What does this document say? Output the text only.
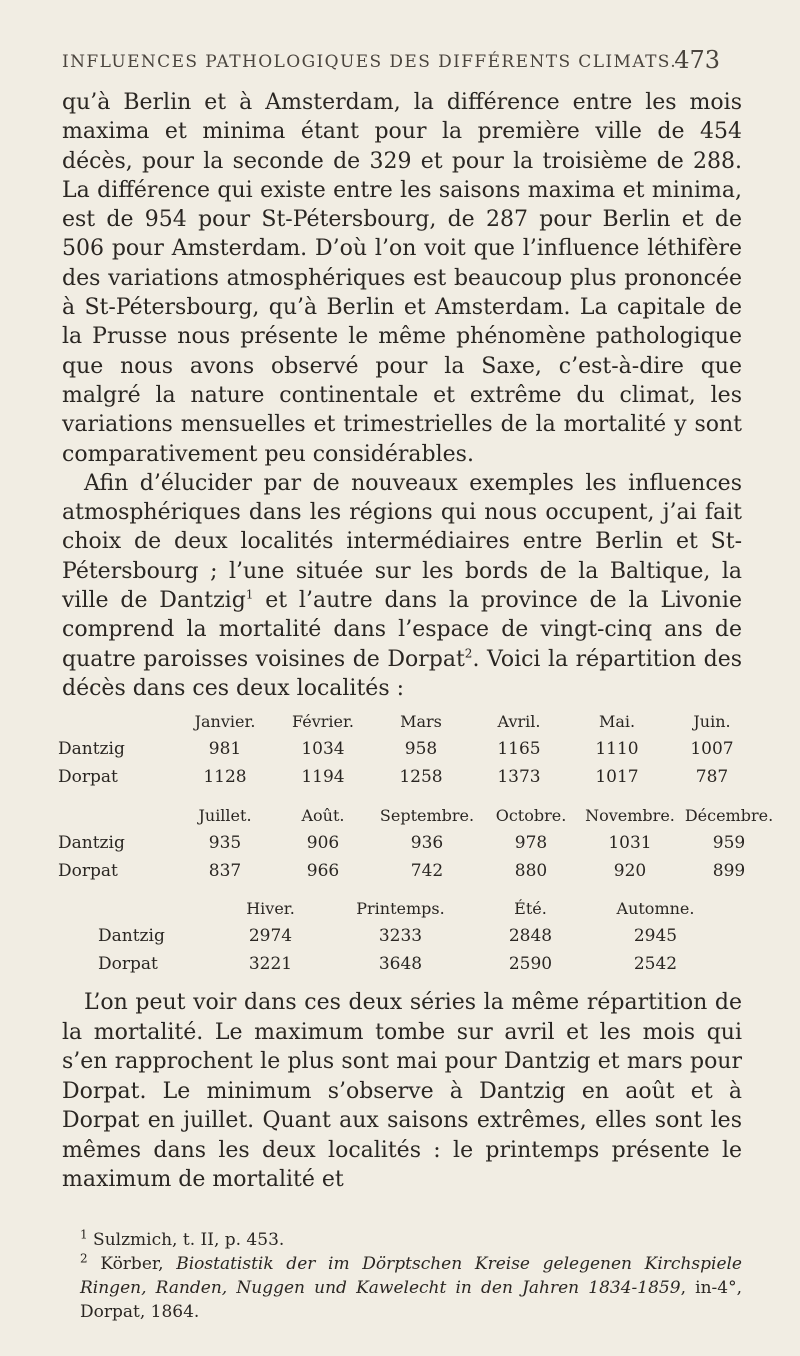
INFLUENCES PATHOLOGIQUES DES DIFFÉRENTS CLIMATS.
473

qu’à Berlin et à Amsterdam, la différence entre les mois maxima et minima étant pour la première ville de 454 décès, pour la seconde de 329 et pour la troisième de 288. La différence qui existe entre les saisons maxima et minima, est de 954 pour St-Pétersbourg, de 287 pour Berlin et de 506 pour Amsterdam. D’où l’on voit que l’influence léthifère des variations atmosphériques est beaucoup plus prononcée à St-Pétersbourg, qu’à Berlin et Amsterdam. La capitale de la Prusse nous présente le même phénomène pathologique que nous avons observé pour la Saxe, c’est-à-dire que malgré la nature continentale et extrême du climat, les variations mensuelles et trimestrielles de la mortalité y sont comparativement peu considérables.

Afin d’élucider par de nouveaux exemples les influences atmosphériques dans les régions qui nous occupent, j’ai fait choix de deux localités intermédiaires entre Berlin et St-Pétersbourg ; l’une située sur les bords de la Baltique, la ville de Dantzig$^1$ et l’autre dans la province de la Livonie comprend la mortalité dans l’espace de vingt-cinq ans de quatre paroisses voisines de Dorpat$^2$. Voici la répartition des décès dans ces deux localités :

	Janvier.	Février.	Mars	Avril.	Mai.	Juin.
Dantzig	981	1034	958	1165	1110	1007
Dorpat	1128	1194	1258	1373	1017	787
	Juillet.	Août.	Septembre.	Octobre.	Novembre.	Décembre.
Dantzig	935	906	936	978	1031	959
Dorpat	837	966	742	880	920	899
	Hiver.	Printemps.	Été.	Automne.
Dantzig	2974	3233	2848	2945
Dorpat	3221	3648	2590	2542

L’on peut voir dans ces deux séries la même répartition de la mortalité. Le maximum tombe sur avril et les mois qui s’en rapprochent le plus sont mai pour Dantzig et mars pour Dorpat. Le minimum s’observe à Dantzig en août et à Dorpat en juillet. Quant aux saisons extrêmes, elles sont les mêmes dans les deux localités : le printemps présente le maximum de mortalité et

$^1$ Sulzmich, t. II, p. 453.

$^2$ Körber, Biostatistik der im Dörptschen Kreise gelegenen Kirchspiele Ringen, Randen, Nuggen und Kawelecht in den Jahren 1834-1859, in-4°, Dorpat, 1864.
